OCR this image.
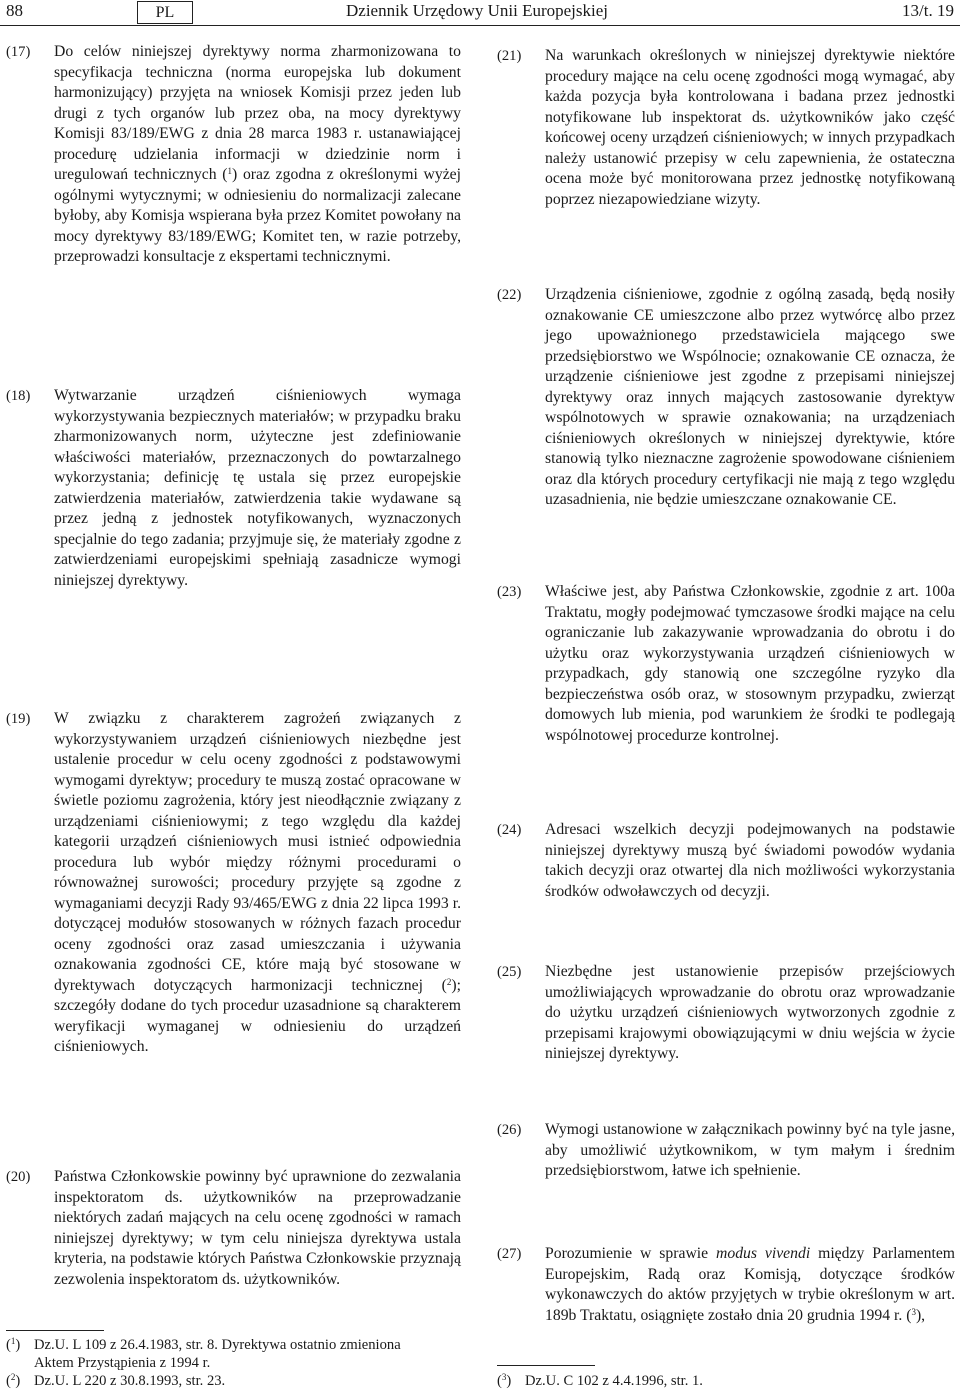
88	PL	Dziennik Urzędowy Unii Europejskiej	13/t. 19
(17)	Do celów niniejszej dyrektywy norma zharmonizowana to specyfikacja techniczna (norma europejska lub dokument harmonizujący) przyjęta na wniosek Komisji przez jeden lub drugi z tych organów lub przez oba, na mocy dyrektywy Komisji 83/189/EWG z dnia 28 marca 1983 r. ustanawiającej procedurę udzielania informacji w dziedzinie norm i uregulowań technicznych ($^1$) oraz zgodna z określonymi wyżej ogólnymi wytycznymi; w odniesieniu do normalizacji zalecane byłoby, aby Komisja wspierana była przez Komitet powołany na mocy dyrektywy 83/189/EWG; Komitet ten, w razie potrzeby, przeprowadzi konsultacje z ekspertami technicznymi.
(18)	Wytwarzanie urządzeń ciśnieniowych wymaga wykorzystywania bezpiecznych materiałów; w przypadku braku zharmonizowanych norm, użyteczne jest zdefiniowanie właściwości materiałów, przeznaczonych do powtarzalnego wykorzystania; definicję tę ustala się przez europejskie zatwierdzenia materiałów, zatwierdzenia takie wydawane są przez jedną z jednostek notyfikowanych, wyznaczonych specjalnie do tego zadania; przyjmuje się, że materiały zgodne z zatwierdzeniami europejskimi spełniają zasadnicze wymogi niniejszej dyrektywy.
(19)	W związku z charakterem zagrożeń związanych z wykorzystywaniem urządzeń ciśnieniowych niezbędne jest ustalenie procedur w celu oceny zgodności z podstawowymi wymogami dyrektyw; procedury te muszą zostać opracowane w świetle poziomu zagrożenia, który jest nieodłącznie związany z urządzeniami ciśnieniowymi; z tego względu dla każdej kategorii urządzeń ciśnieniowych musi istnieć odpowiednia procedura lub wybór między różnymi procedurami o równoważnej surowości; procedury przyjęte są zgodne z wymaganiami decyzji Rady 93/465/EWG z dnia 22 lipca 1993 r. dotyczącej modułów stosowanych w różnych fazach procedur oceny zgodności oraz zasad umieszczania i używania oznakowania zgodności CE, które mają być stosowane w dyrektywach dotyczących harmonizacji technicznej ($^2$); szczegóły dodane do tych procedur uzasadnione są charakterem weryfikacji wymaganej w odniesieniu do urządzeń ciśnieniowych.
(20)	Państwa Członkowskie powinny być uprawnione do zezwalania inspektoratom ds. użytkowników na przeprowadzanie niektórych zadań mających na celu ocenę zgodności w ramach niniejszej dyrektywy; w tym celu niniejsza dyrektywa ustala kryteria, na podstawie których Państwa Członkowskie przyznają zezwolenia inspektoratom ds. użytkowników.
(21)	Na warunkach określonych w niniejszej dyrektywie niektóre procedury mające na celu ocenę zgodności mogą wymagać, aby każda pozycja była kontrolowana i badana przez jednostki notyfikowane lub inspektorat ds. użytkowników jako część końcowej oceny urządzeń ciśnieniowych; w innych przypadkach należy ustanowić przepisy w celu zapewnienia, że ostateczna ocena może być monitorowana przez jednostkę notyfikowaną poprzez niezapowiedziane wizyty.
(22)	Urządzenia ciśnieniowe, zgodnie z ogólną zasadą, będą nosiły oznakowanie CE umieszczone albo przez wytwórcę albo przez jego upoważnionego przedstawiciela mającego swe przedsiębiorstwo we Wspólnocie; oznakowanie CE oznacza, że urządzenie ciśnieniowe jest zgodne z przepisami niniejszej dyrektywy oraz innych mających zastosowanie dyrektyw wspólnotowych w sprawie oznakowania; na urządzeniach ciśnieniowych określonych w niniejszej dyrektywie, które stanowią tylko nieznaczne zagrożenie spowodowane ciśnieniem oraz dla których procedury certyfikacji nie mają z tego względu uzasadnienia, nie będzie umieszczane oznakowanie CE.
(23)	Właściwe jest, aby Państwa Członkowskie, zgodnie z art. 100a Traktatu, mogły podejmować tymczasowe środki mające na celu ograniczanie lub zakazywanie wprowadzania do obrotu i do użytku oraz wykorzystywania urządzeń ciśnieniowych w przypadkach, gdy stanowią one szczególne ryzyko dla bezpieczeństwa osób oraz, w stosownym przypadku, zwierząt domowych lub mienia, pod warunkiem że środki te podlegają wspólnotowej procedurze kontrolnej.
(24)	Adresaci wszelkich decyzji podejmowanych na podstawie niniejszej dyrektywy muszą być świadomi powodów wydania takich decyzji oraz otwartej dla nich możliwości wykorzystania środków odwoławczych od decyzji.
(25)	Niezbędne jest ustanowienie przepisów przejściowych umożliwiających wprowadzanie do obrotu oraz wprowadzanie do użytku urządzeń ciśnieniowych wytworzonych zgodnie z przepisami krajowymi obowiązującymi w dniu wejścia w życie niniejszej dyrektywy.
(26)	Wymogi ustanowione w załącznikach powinny być na tyle jasne, aby umożliwić użytkownikom, w tym małym i średnim przedsiębiorstwom, łatwe ich spełnienie.
(27)	Porozumienie w sprawie modus vivendi między Parlamentem Europejskim, Radą oraz Komisją, dotyczące środków wykonawczych do aktów przyjętych w trybie określonym w art. 189b Traktatu, osiągnięte zostało dnia 20 grudnia 1994 r. ($^3$),
($^1$) Dz.U. L 109 z 26.4.1983, str. 8. Dyrektywa ostatnio zmieniona Aktem Przystąpienia z 1994 r.
($^2$) Dz.U. L 220 z 30.8.1993, str. 23.	($^3$) Dz.U. C 102 z 4.4.1996, str. 1.
